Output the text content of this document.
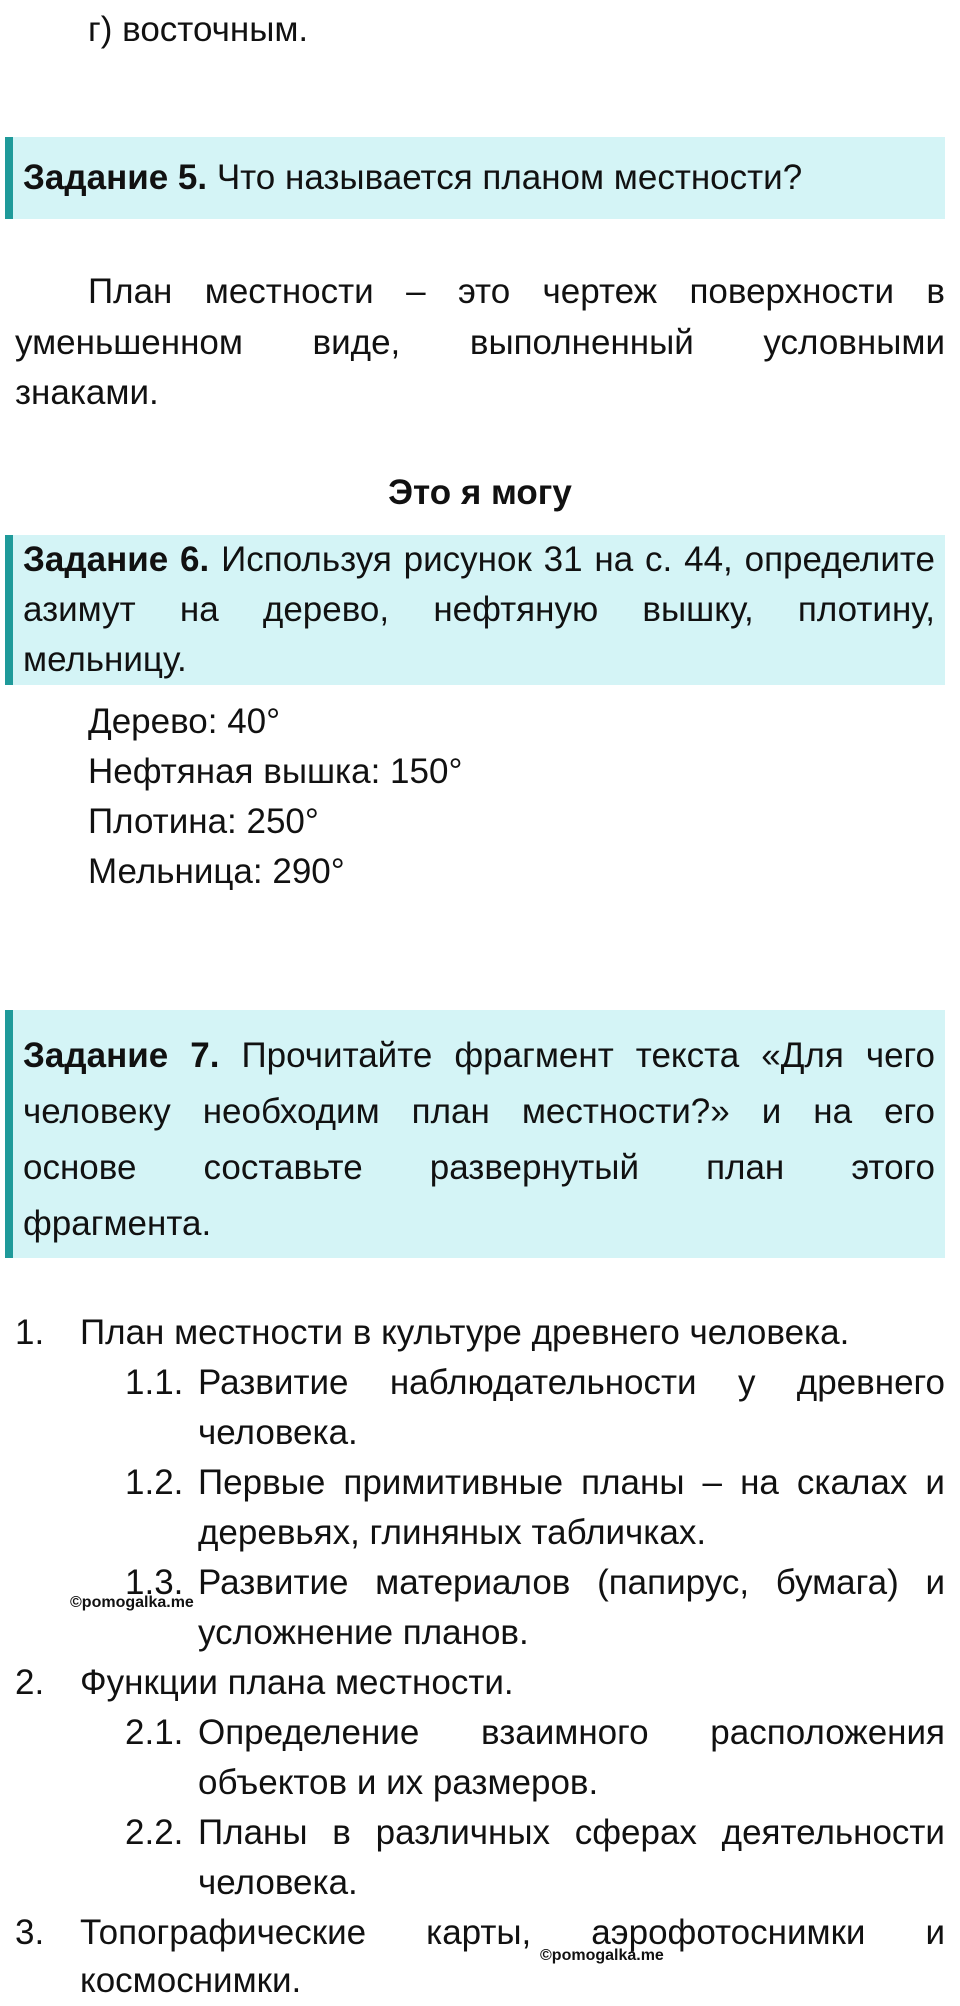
г) восточным.
Задание 5. Что называется планом местности?
План местности – это чертеж поверхности в
уменьшенном виде, выполненный условными
знаками.
Это я могу
Задание 6. Используя рисунок 31 на с. 44, определите
азимут на дерево, нефтяную вышку, плотину,
мельницу.
Дерево: 40°
Нефтяная вышка: 150°
Плотина: 250°
Мельница: 290°
Задание 7. Прочитайте фрагмент текста «Для чего
человеку необходим план местности?» и на его
основе составьте развернутый план этого
фрагмента.
1. План местности в культуре древнего человека.
1.1. Развитие наблюдательности у древнего
человека.
1.2. Первые примитивные планы – на скалах и
деревьях, глиняных табличках.
1.3. Развитие материалов (папирус, бумага) и
усложнение планов.
2. Функции плана местности.
2.1. Определение взаимного расположения
объектов и их размеров.
2.2. Планы в различных сферах деятельности
человека.
3. Топографические карты, аэрофотоснимки и
космоснимки.
©pomogalka.me
©pomogalka.me
